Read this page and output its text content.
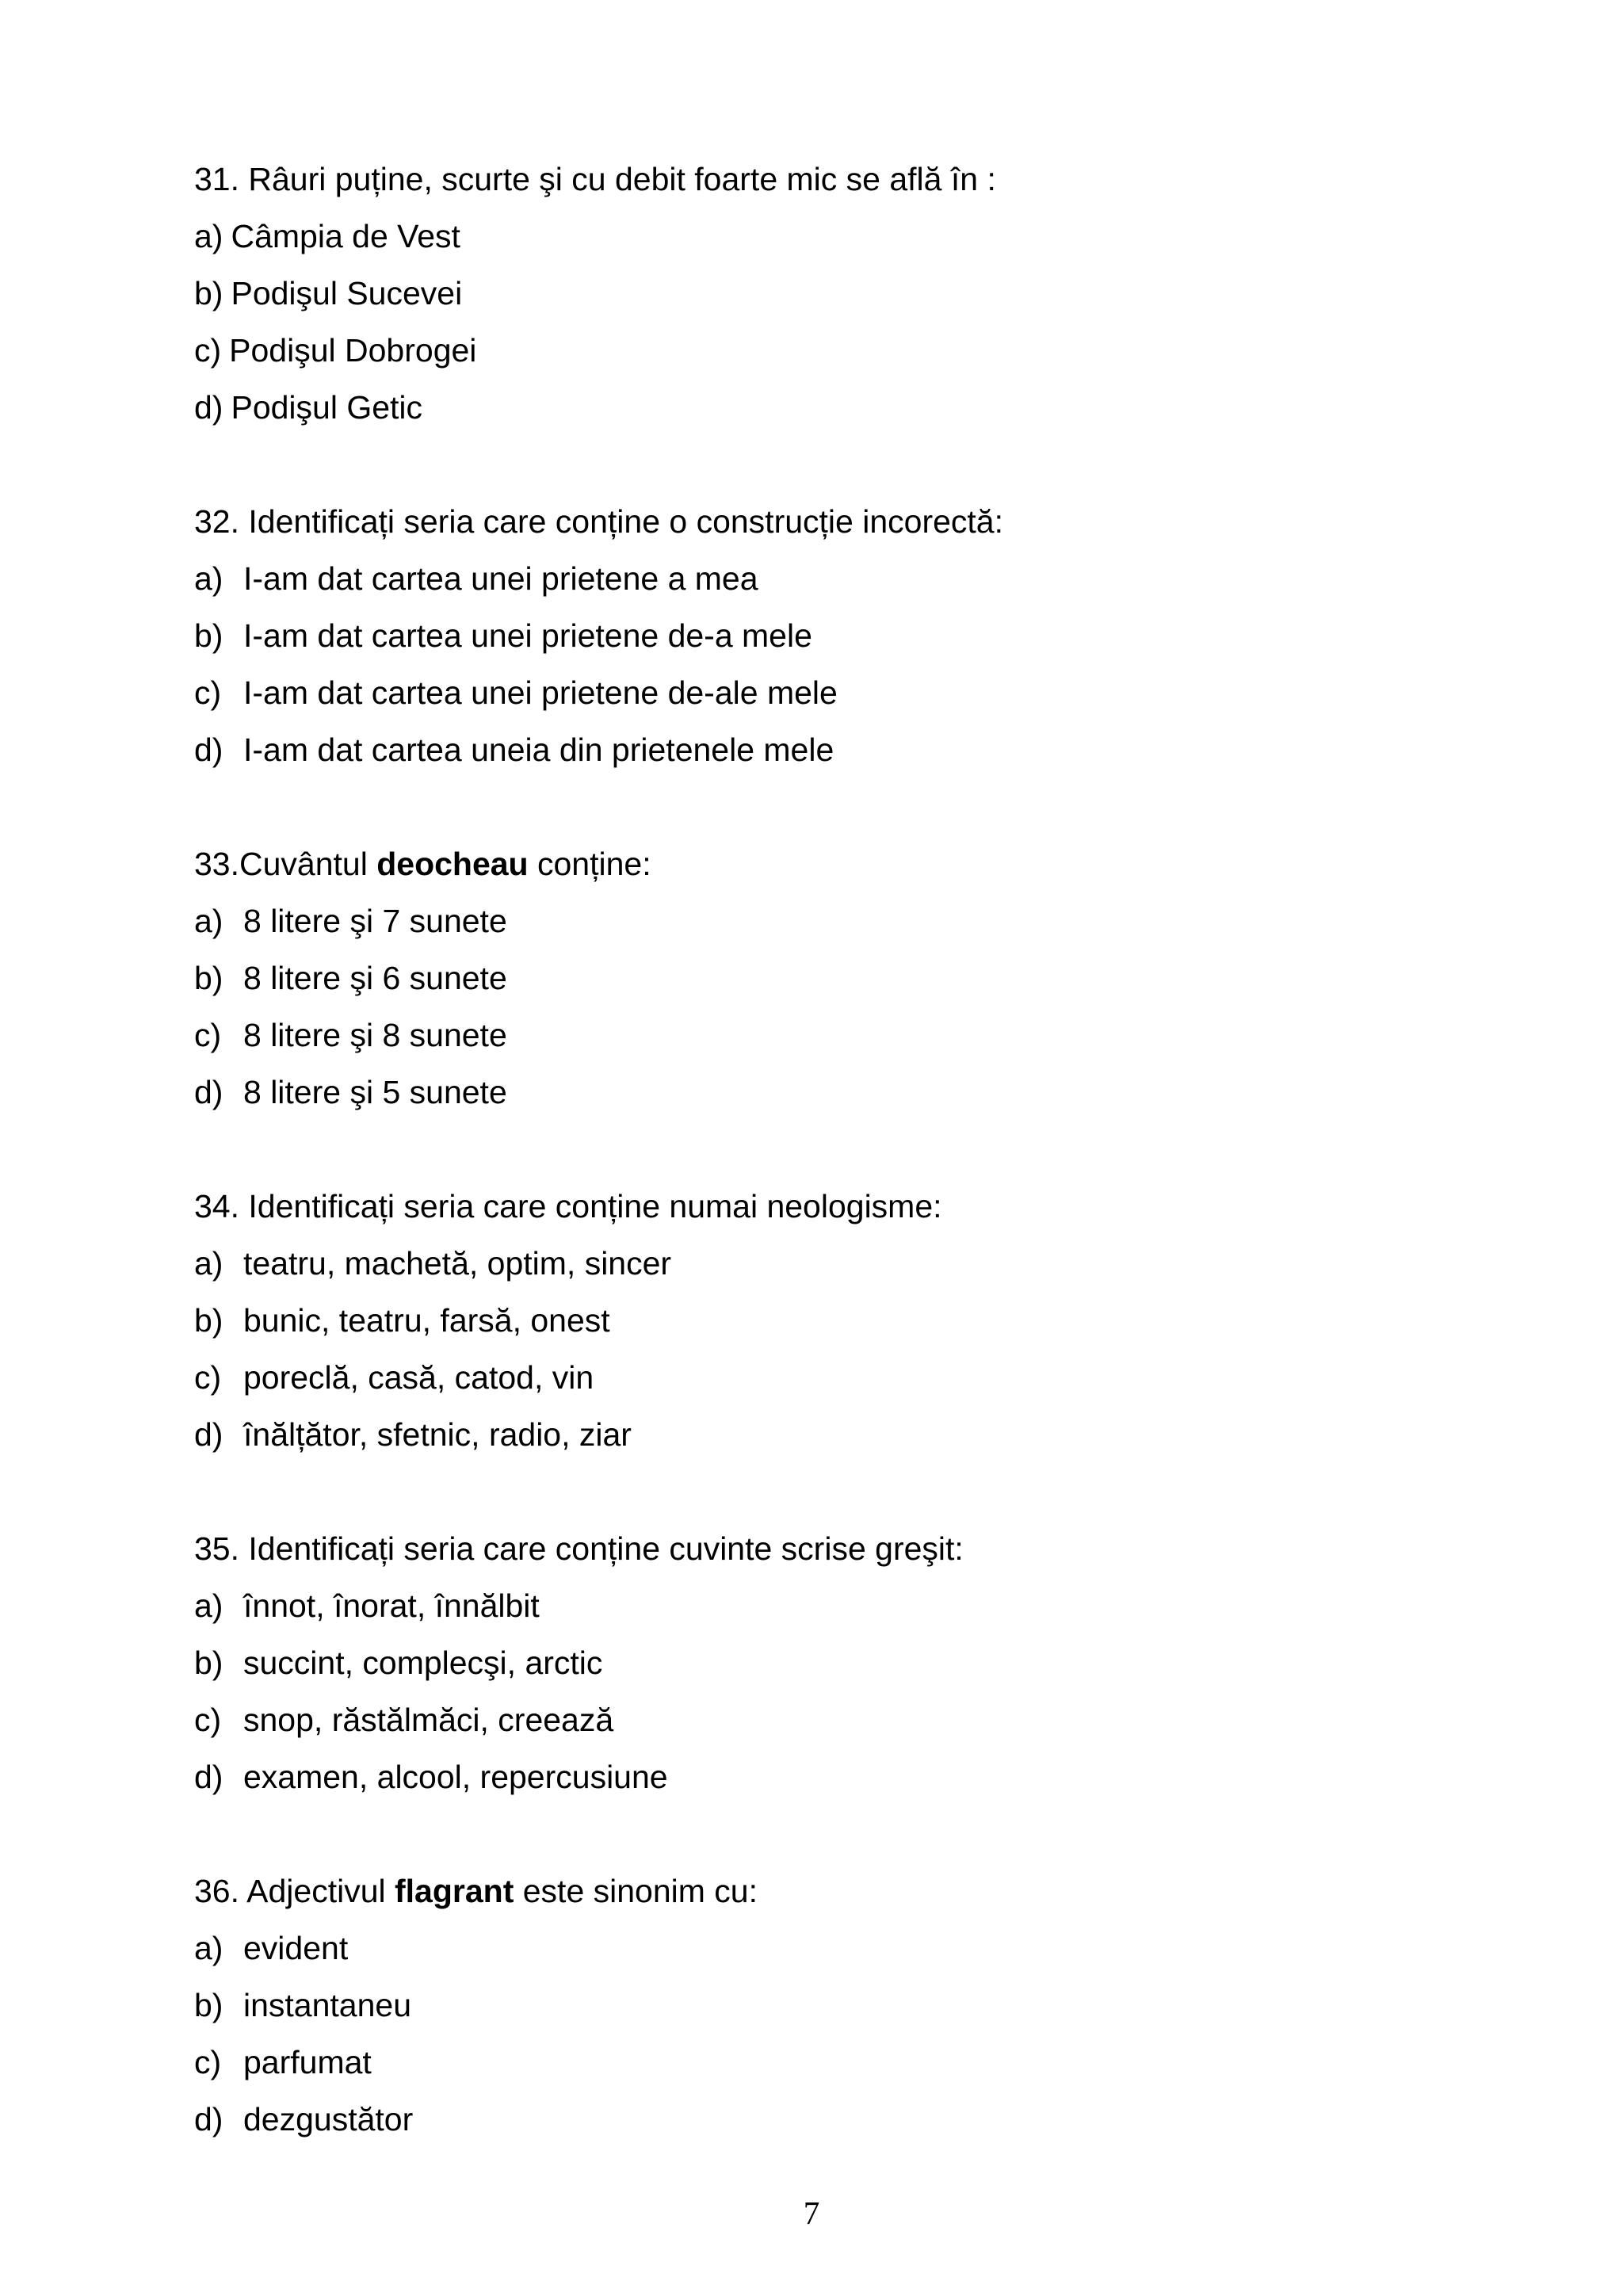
31. Râuri puține, scurte şi cu debit foarte mic se află în :
a) Câmpia de Vest
b) Podişul Sucevei
c) Podişul Dobrogei
d) Podişul Getic
32. Identificați seria care conține o construcție incorectă:
a) I-am dat cartea unei prietene a mea
b) I-am dat cartea unei prietene de-a mele
c) I-am dat cartea unei prietene de-ale mele
d) I-am dat cartea uneia din prietenele mele
33.Cuvântul deocheau conține:
a) 8 litere şi 7 sunete
b) 8 litere şi 6 sunete
c) 8 litere şi 8 sunete
d) 8 litere şi 5 sunete
34. Identificați seria care conține numai neologisme:
a) teatru, machetă, optim, sincer
b) bunic, teatru, farsă, onest
c) poreclă, casă, catod, vin
d) înălțător, sfetnic, radio, ziar
35. Identificați seria care conține cuvinte scrise greşit:
a) înnot, înorat, înnălbit
b) succint, complecşi, arctic
c) snop, răstălmăci, creează
d) examen, alcool, repercusiune
36. Adjectivul flagrant este sinonim cu:
a) evident
b) instantaneu
c) parfumat
d) dezgustător
7
